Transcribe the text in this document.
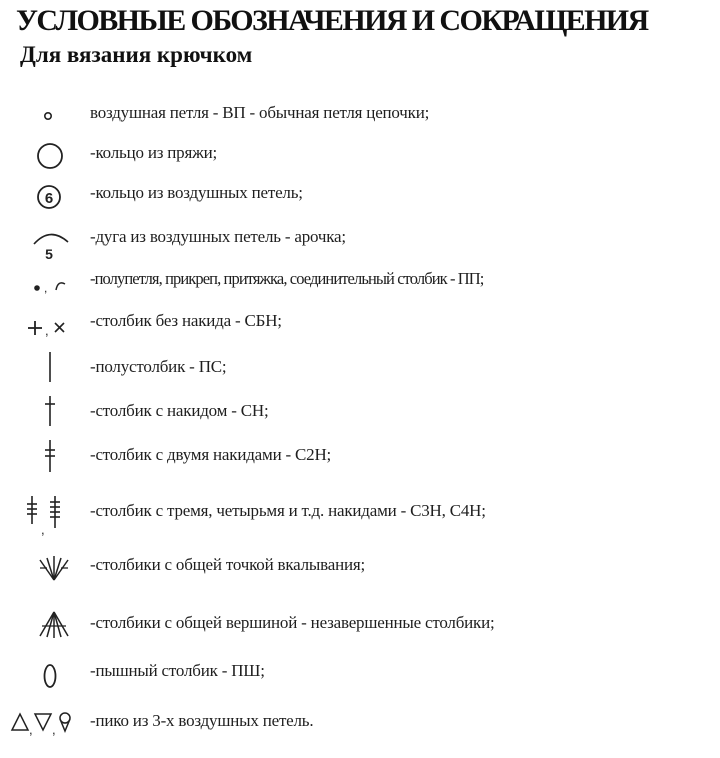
УСЛОВНЫЕ ОБОЗНАЧЕНИЯ И СОКРАЩЕНИЯ
Для вязания крючком
воздушная петля - ВП - обычная петля цепочки;
-кольцо из пряжи;
6 -кольцо из воздушных петель;
5
-дуга из воздушных петель - арочка;
,	-полупетля, прикреп, притяжка, соединительный столбик - ПП;
,
-столбик без накида - СБН;
-полустолбик - ПС;
-столбик с накидом - СН;
-столбик с двумя накидами - С2Н;
,
-столбик с тремя, четырьмя и т.д. накидами - С3Н, С4Н;
-столбики с общей точкой вкалывания;
-столбики с общей вершиной - незавершенные столбики;
-пышный столбик - ПШ;
, , -пико из 3-х воздушных петель.
